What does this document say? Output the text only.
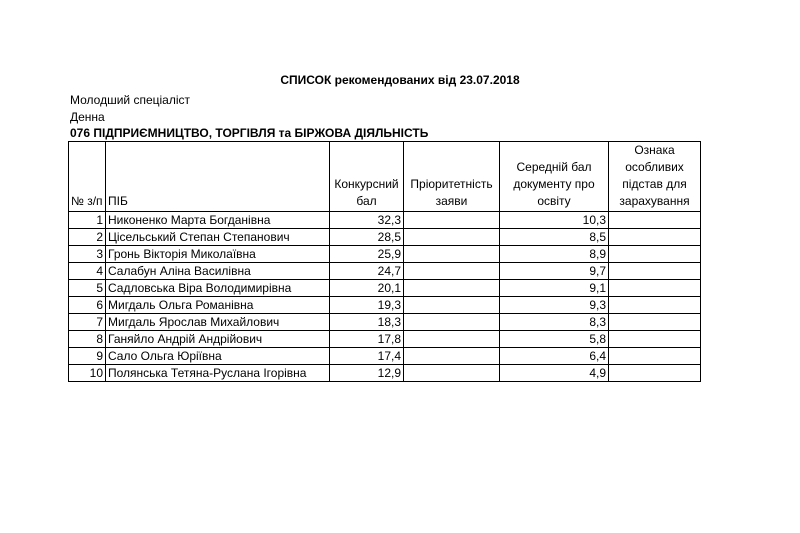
СПИСОК рекомендованих від 23.07.2018
Молодший спеціаліст
Денна
076 ПІДПРИЄМНИЦТВО, ТОРГІВЛЯ та БІРЖОВА ДІЯЛЬНІСТЬ
№ з/п	ПІБ	Конкурсний бал	Пріоритетність заяви	Середній бал документу про освіту	Ознака особливих підстав для зарахування
1	Никоненко Марта Богданівна	32,3		10,3	
2	Цісельський Степан Степанович	28,5		8,5	
3	Гронь Вікторія Миколаївна	25,9		8,9	
4	Салабун Аліна Василівна	24,7		9,7	
5	Садловська Віра Володимирівна	20,1		9,1	
6	Мигдаль Ольга Романівна	19,3		9,3	
7	Мигдаль Ярослав Михайлович	18,3		8,3	
8	Ганяйло Андрій Андрійович	17,8		5,8	
9	Сало Ольга Юріївна	17,4		6,4	
10	Полянська Тетяна-Руслана Ігорівна	12,9		4,9	
